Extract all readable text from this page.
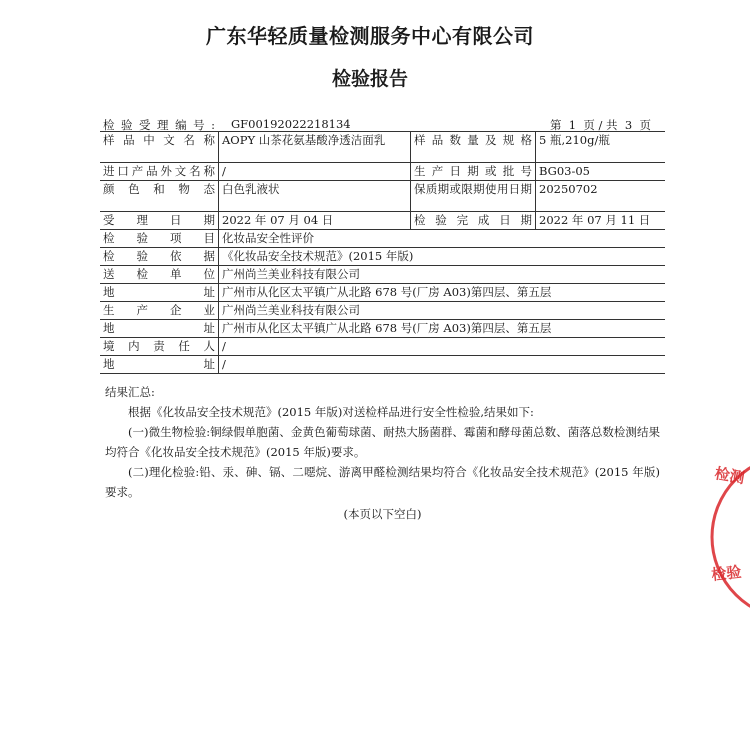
广东华轻质量检测服务中心有限公司
检验报告
检验受理编号: GF00192022218134	第  1  页 / 共  3  页
样品中文名称	AOPY 山茶花氨基酸净透洁面乳	样品数量及规格	5 瓶,210g/瓶
进口产品外文名称	/	生产日期或批号	BG03-05
颜色和物态	白色乳液状	保质期或限期使用日期	20250702
受理日期	2022 年 07 月 04 日	检验完成日期	2022 年 07 月 11 日
检验项目	化妆品安全性评价		
检验依据	《化妆品安全技术规范》(2015 年版)		
送检单位	广州尚兰美业科技有限公司		
地址	广州市从化区太平镇广从北路 678 号(厂房 A03)第四层、第五层		
生产企业	广州尚兰美业科技有限公司		
地址	广州市从化区太平镇广从北路 678 号(厂房 A03)第四层、第五层		
境内责任人	/		
地址	/		

结果汇总:

根据《化妆品安全技术规范》(2015 年版)对送检样品进行安全性检验,结果如下:

(一)微生物检验:铜绿假单胞菌、金黄色葡萄球菌、耐热大肠菌群、霉菌和酵母菌总数、菌落总数检测结果均符合《化妆品安全技术规范》(2015 年版)要求。

(二)理化检验:铅、汞、砷、镉、二噁烷、游离甲醛检测结果均符合《化妆品安全技术规范》(2015 年版)要求。

(本页以下空白)

检测
检验
